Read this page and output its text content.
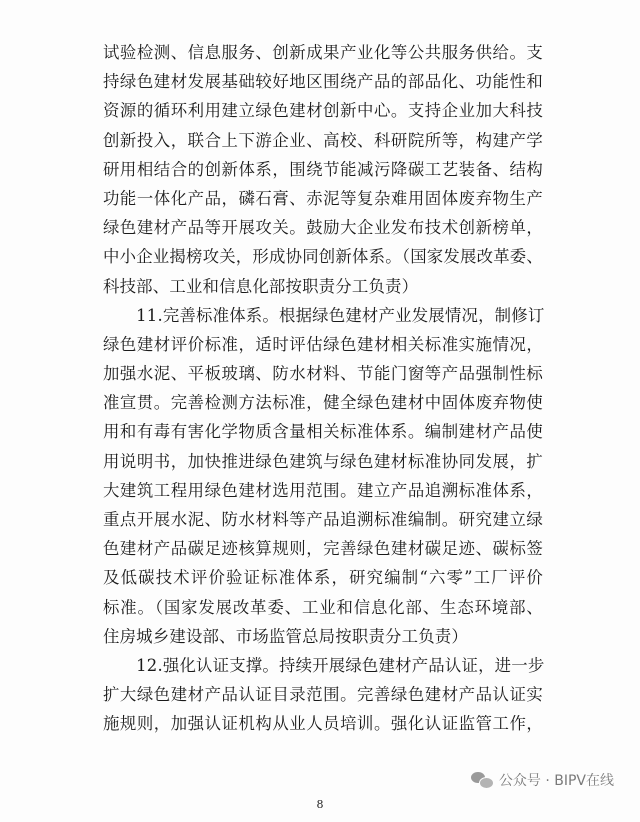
试验检测、信息服务、创新成果产业化等公共服务供给。支
持绿色建材发展基础较好地区围绕产品的部品化、功能性和
资源的循环利用建立绿色建材创新中心。支持企业加大科技
创新投入，联合上下游企业、高校、科研院所等，构建产学
研用相结合的创新体系，围绕节能减污降碳工艺装备、结构
功能一体化产品，磷石膏、赤泥等复杂难用固体废弃物生产
绿色建材产品等开展攻关。鼓励大企业发布技术创新榜单，
中小企业揭榜攻关，形成协同创新体系。（国家发展改革委、
科技部、工业和信息化部按职责分工负责）
　　11.完善标准体系。根据绿色建材产业发展情况，制修订
绿色建材评价标准，适时评估绿色建材相关标准实施情况，
加强水泥、平板玻璃、防水材料、节能门窗等产品强制性标
准宣贯。完善检测方法标准，健全绿色建材中固体废弃物使
用和有毒有害化学物质含量相关标准体系。编制建材产品使
用说明书，加快推进绿色建筑与绿色建材标准协同发展，扩
大建筑工程用绿色建材选用范围。建立产品追溯标准体系，
重点开展水泥、防水材料等产品追溯标准编制。研究建立绿
色建材产品碳足迹核算规则，完善绿色建材碳足迹、碳标签
及低碳技术评价验证标准体系，研究编制“六零”工厂评价
标准。（国家发展改革委、工业和信息化部、生态环境部、
住房城乡建设部、市场监管总局按职责分工负责）
　　12.强化认证支撑。持续开展绿色建材产品认证，进一步
扩大绿色建材产品认证目录范围。完善绿色建材产品认证实
施规则，加强认证机构从业人员培训。强化认证监管工作，
8
公众号 · BIPV在线
